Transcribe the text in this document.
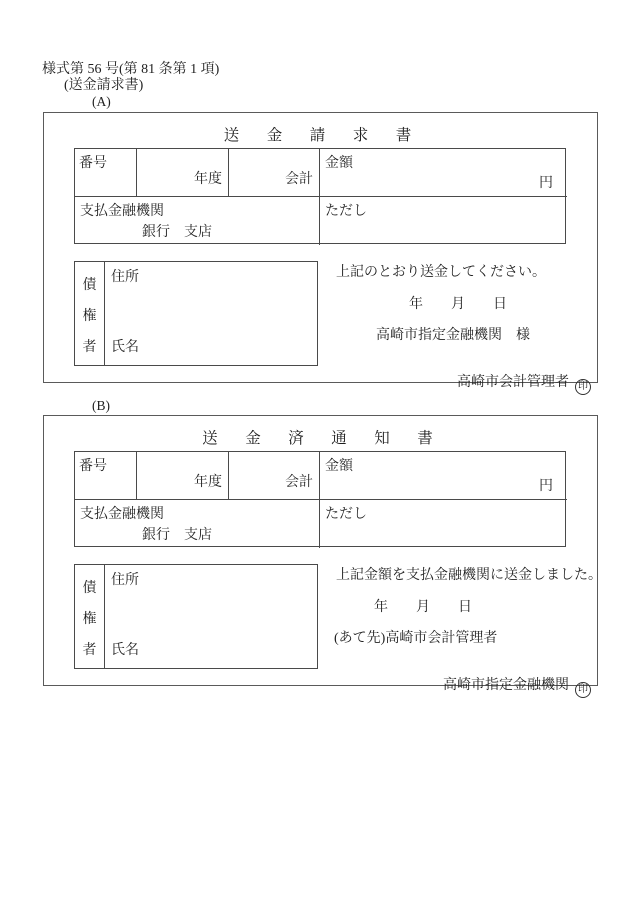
様式第 56 号(第 81 条第 1 項)
(送金請求書)
(A)
(B)
送　金　請　求　書
番号
年度	会計
金額
円
支払金融機関
銀行　支店
ただし
債
権
者
住所
氏名
上記のとおり送金してください。
年　　月　　日
高崎市指定金融機関　様

高崎市会計管理者 印

送　金　済　通　知　書
番号
年度	会計
金額
円
支払金融機関
銀行　支店
ただし
債
権
者
住所
氏名
上記金額を支払金融機関に送金しました。
年　　月　　日
(あて先)高崎市会計管理者

高崎市指定金融機関 印
